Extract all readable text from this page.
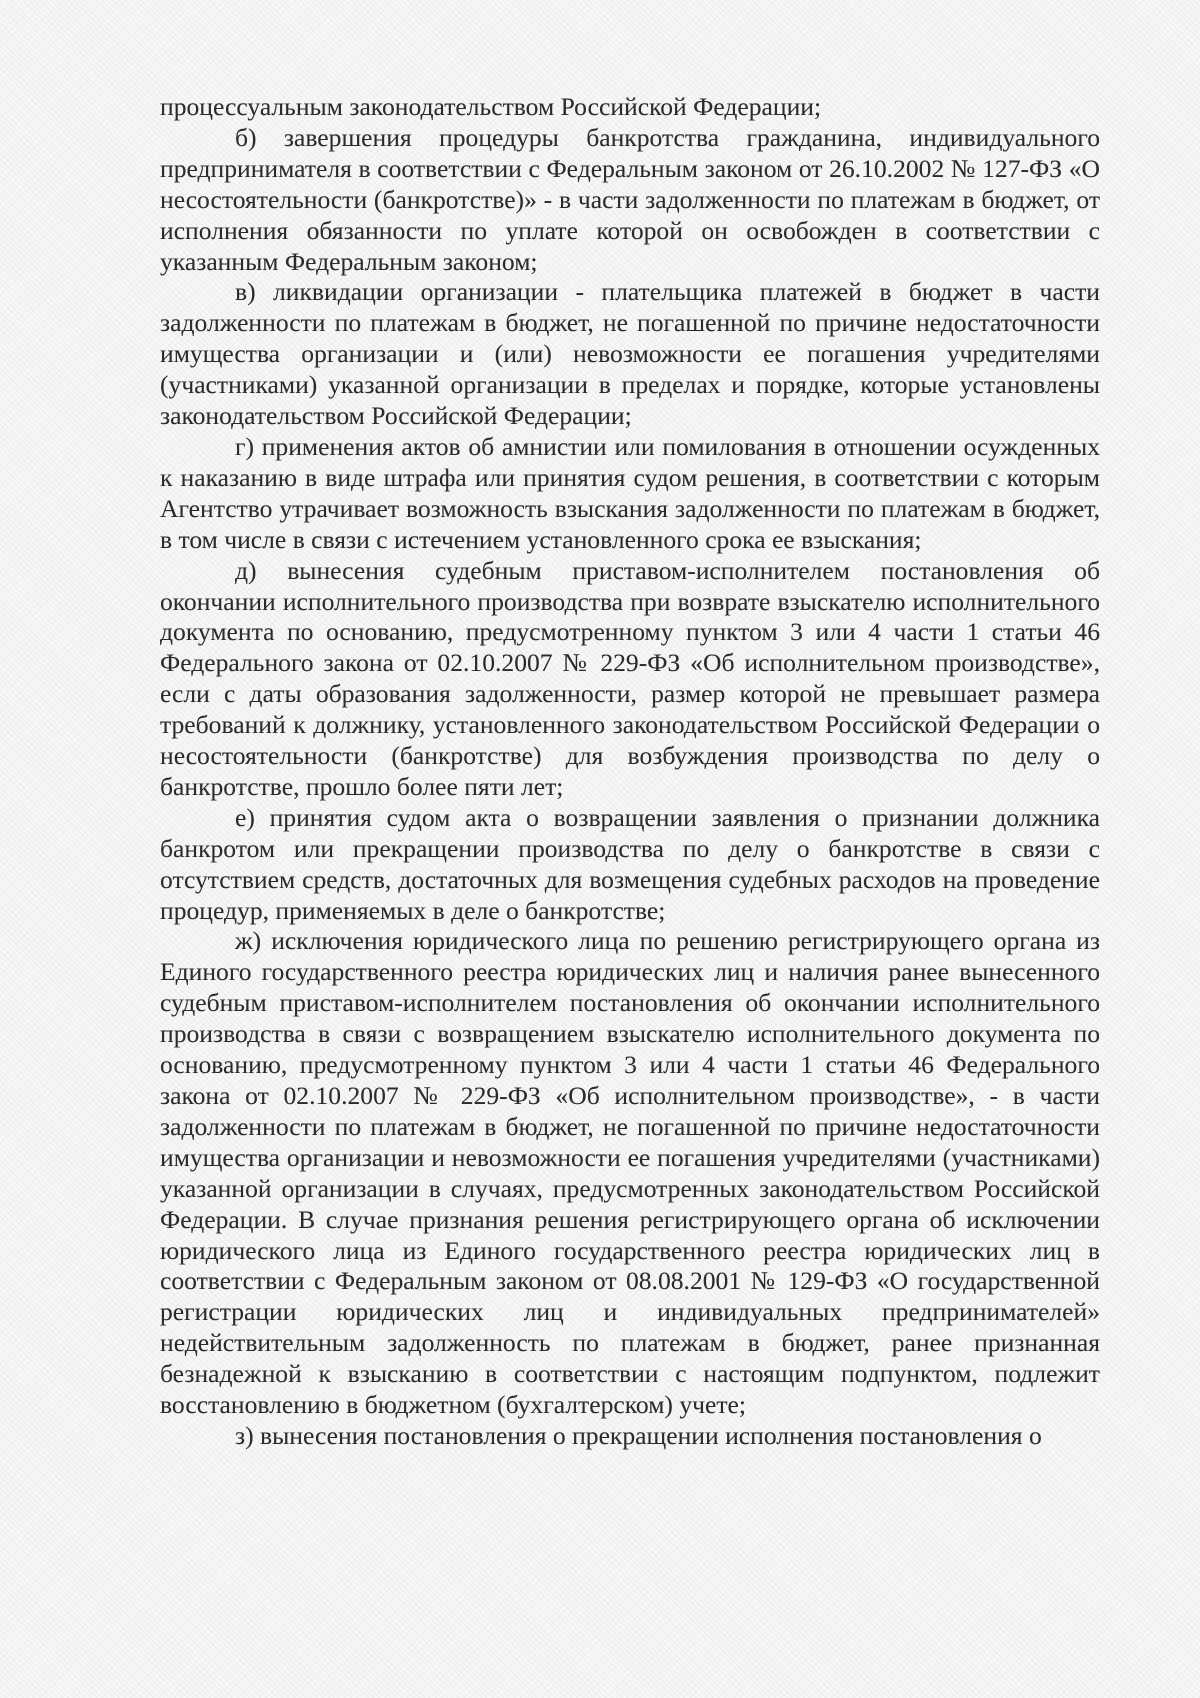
процессуальным законодательством Российской Федерации;

б) завершения процедуры банкротства гражданина, индивидуального предпринимателя в соответствии с Федеральным законом от 26.10.2002 № 127-ФЗ «О несостоятельности (банкротстве)» - в части задолженности по платежам в бюджет, от исполнения обязанности по уплате которой он освобожден в соответствии с указанным Федеральным законом;

в) ликвидации организации - плательщика платежей в бюджет в части задолженности по платежам в бюджет, не погашенной по причине недостаточности имущества организации и (или) невозможности ее погашения учредителями (участниками) указанной организации в пределах и порядке, которые установлены законодательством Российской Федерации;

г) применения актов об амнистии или помилования в отношении осужденных к наказанию в виде штрафа или принятия судом решения, в соответствии с которым Агентство утрачивает возможность взыскания задолженности по платежам в бюджет, в том числе в связи с истечением установленного срока ее взыскания;

д) вынесения судебным приставом-исполнителем постановления об окончании исполнительного производства при возврате взыскателю исполнительного документа по основанию, предусмотренному пунктом 3 или 4 части 1 статьи 46 Федерального закона от 02.10.2007 № 229-ФЗ «Об исполнительном производстве», если с даты образования задолженности, размер которой не превышает размера требований к должнику, установленного законодательством Российской Федерации о несостоятельности (банкротстве) для возбуждения производства по делу о банкротстве, прошло более пяти лет;

е) принятия судом акта о возвращении заявления о признании должника банкротом или прекращении производства по делу о банкротстве в связи с отсутствием средств, достаточных для возмещения судебных расходов на проведение процедур, применяемых в деле о банкротстве;

ж) исключения юридического лица по решению регистрирующего органа из Единого государственного реестра юридических лиц и наличия ранее вынесенного судебным приставом-исполнителем постановления об окончании исполнительного производства в связи с возвращением взыскателю исполнительного документа по основанию, предусмотренному пунктом 3 или 4 части 1 статьи 46 Федерального закона от 02.10.2007 № 229-ФЗ «Об исполнительном производстве», - в части задолженности по платежам в бюджет, не погашенной по причине недостаточности имущества организации и невозможности ее погашения учредителями (участниками) указанной организации в случаях, предусмотренных законодательством Российской Федерации. В случае признания решения регистрирующего органа об исключении юридического лица из Единого государственного реестра юридических лиц в соответствии с Федеральным законом от 08.08.2001 № 129-ФЗ «О государственной регистрации юридических лиц и индивидуальных предпринимателей» недействительным задолженность по платежам в бюджет, ранее признанная безнадежной к взысканию в соответствии с настоящим подпунктом, подлежит восстановлению в бюджетном (бухгалтерском) учете;

з) вынесения постановления о прекращении исполнения постановления о
